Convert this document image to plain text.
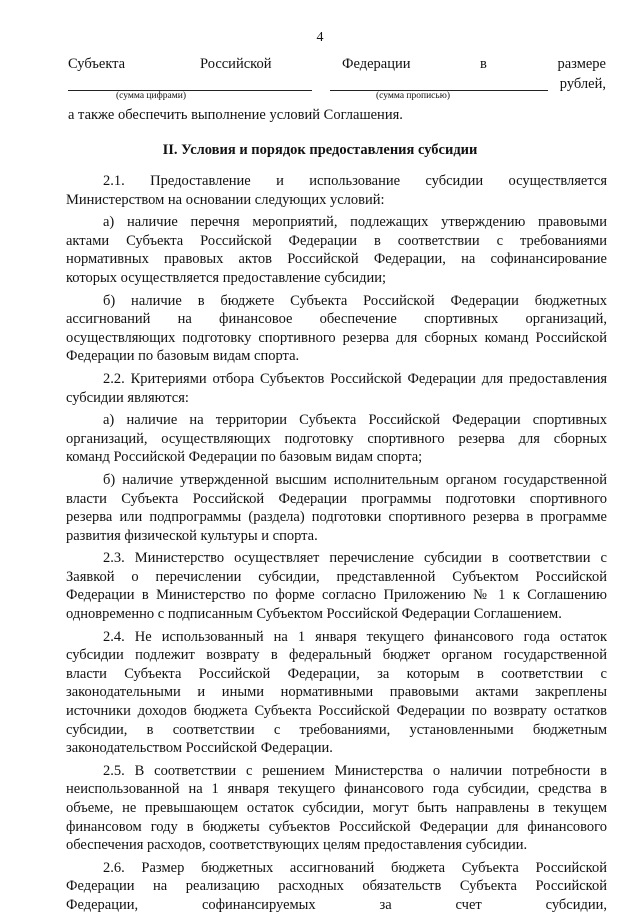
4
Субъекта	Российской	Федерации	в	размере
рублей,
(сумма цифрами)	(сумма прописью)
а также обеспечить выполнение условий Соглашения.
II. Условия и порядок предоставления субсидии
2.1. Предоставление и использование субсидии осуществляется
Министерством на основании следующих условий:
а) наличие перечня мероприятий, подлежащих утверждению правовыми
актами Субъекта Российской Федерации в соответствии с требованиями
нормативных правовых актов Российской Федерации, на софинансирование
которых осуществляется предоставление субсидии;
б) наличие в бюджете Субъекта Российской Федерации бюджетных
ассигнований на финансовое обеспечение спортивных организаций,
осуществляющих подготовку спортивного резерва для сборных команд Российской
Федерации по базовым видам спорта.
2.2. Критериями отбора Субъектов Российской Федерации для предоставления
субсидии являются:
а) наличие на территории Субъекта Российской Федерации спортивных
организаций, осуществляющих подготовку спортивного резерва для сборных
команд Российской Федерации по базовым видам спорта;
б) наличие утвержденной высшим исполнительным органом государственной
власти Субъекта Российской Федерации программы подготовки спортивного
резерва или подпрограммы (раздела) подготовки спортивного резерва в программе
развития физической культуры и спорта.
2.3. Министерство осуществляет перечисление субсидии в соответствии с
Заявкой о перечислении субсидии, представленной Субъектом Российской
Федерации в Министерство по форме согласно Приложению № 1 к Соглашению
одновременно с подписанным Субъектом Российской Федерации Соглашением.
2.4. Не использованный на 1 января текущего финансового года остаток
субсидии подлежит возврату в федеральный бюджет органом государственной
власти Субъекта Российской Федерации, за которым в соответствии с
законодательными и иными нормативными правовыми актами закреплены
источники доходов бюджета Субъекта Российской Федерации по возврату остатков
субсидии, в соответствии с требованиями, установленными бюджетным
законодательством Российской Федерации.
2.5. В соответствии с решением Министерства о наличии потребности в
неиспользованной на 1 января текущего финансового года субсидии, средства в
объеме, не превышающем остаток субсидии, могут быть направлены в текущем
финансовом году в бюджеты субъектов Российской Федерации для финансового
обеспечения расходов, соответствующих целям предоставления субсидии.
2.6. Размер бюджетных ассигнований бюджета Субъекта Российской
Федерации на реализацию расходных обязательств Субъекта Российской
Федерации, софинансируемых за счет субсидии,
